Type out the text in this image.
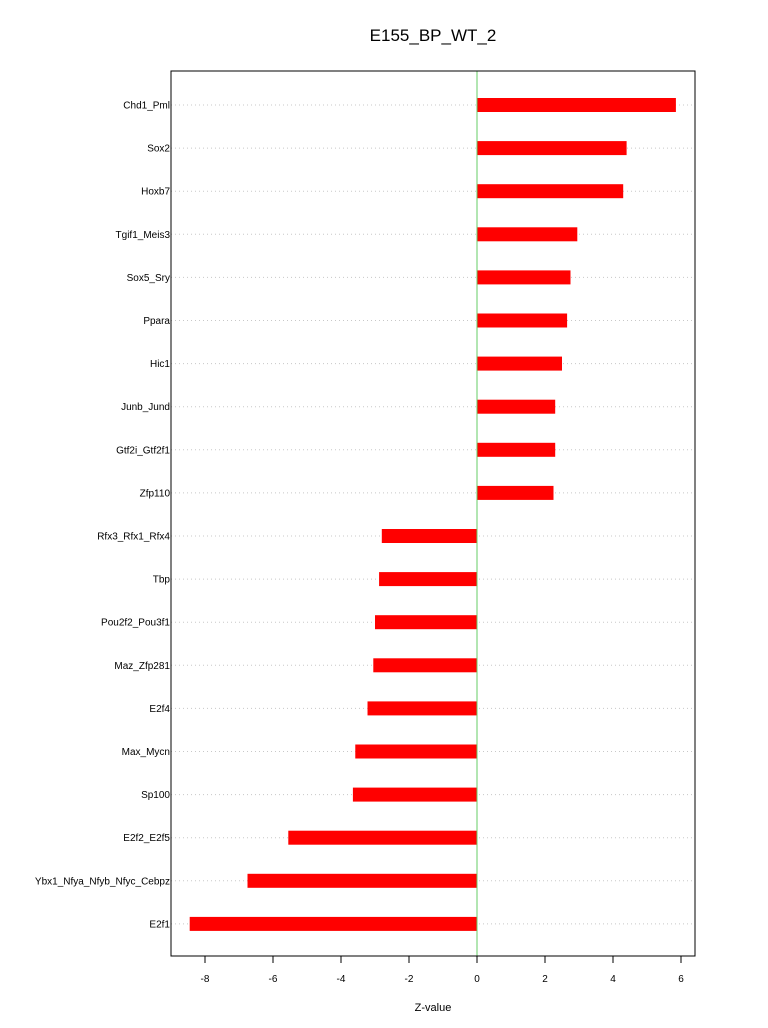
E155_BP_WT_2
Chd1_Pml
Sox2
Hoxb7
Tgif1_Meis3
Sox5_Sry
Ppara
Hic1
Junb_Jund
Gtf2i_Gtf2f1
Zfp110
Rfx3_Rfx1_Rfx4
Tbp
Pou2f2_Pou3f1
Maz_Zfp281
E2f4
Max_Mycn
Sp100
E2f2_E2f5
Ybx1_Nfya_Nfyb_Nfyc_Cebpz
E2f1
-8	-6	-4	-2	0	2	4	6
Z-value
